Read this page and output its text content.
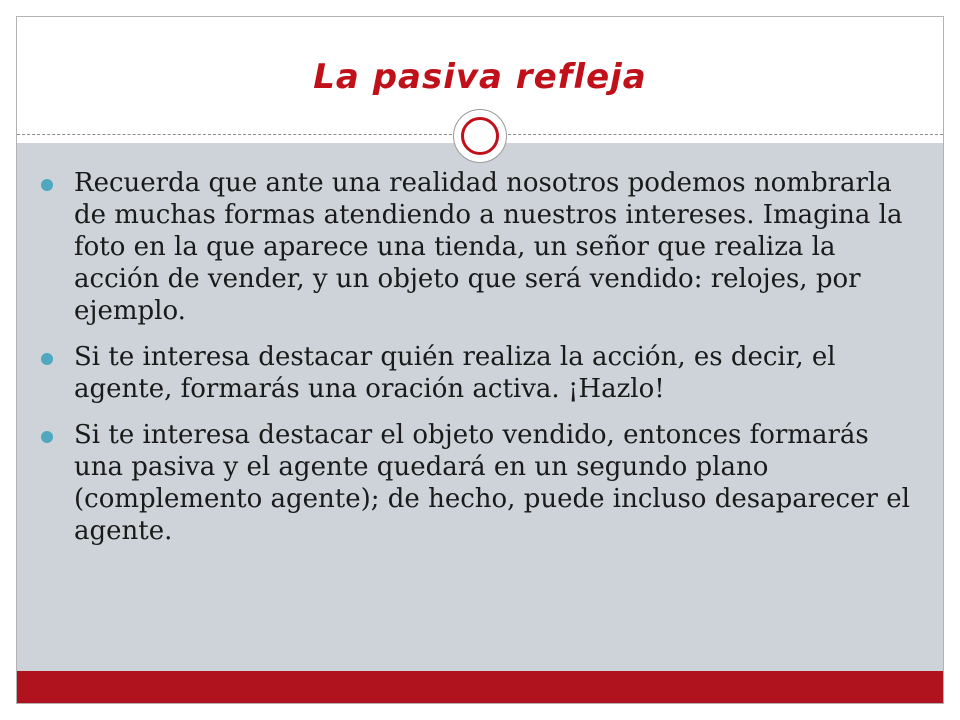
La pasiva refleja
Recuerda que ante una realidad nosotros podemos nombrarla de muchas formas atendiendo a nuestros intereses. Imagina la foto en la que aparece una tienda, un señor que realiza la acción de vender, y un objeto que será vendido: relojes, por ejemplo.
Si te interesa destacar quién realiza la acción, es decir, el agente, formarás una oración activa. ¡Hazlo!
Si te interesa destacar el objeto vendido, entonces formarás una pasiva y el agente quedará en un segundo plano (complemento agente); de hecho, puede incluso desaparecer el agente.
